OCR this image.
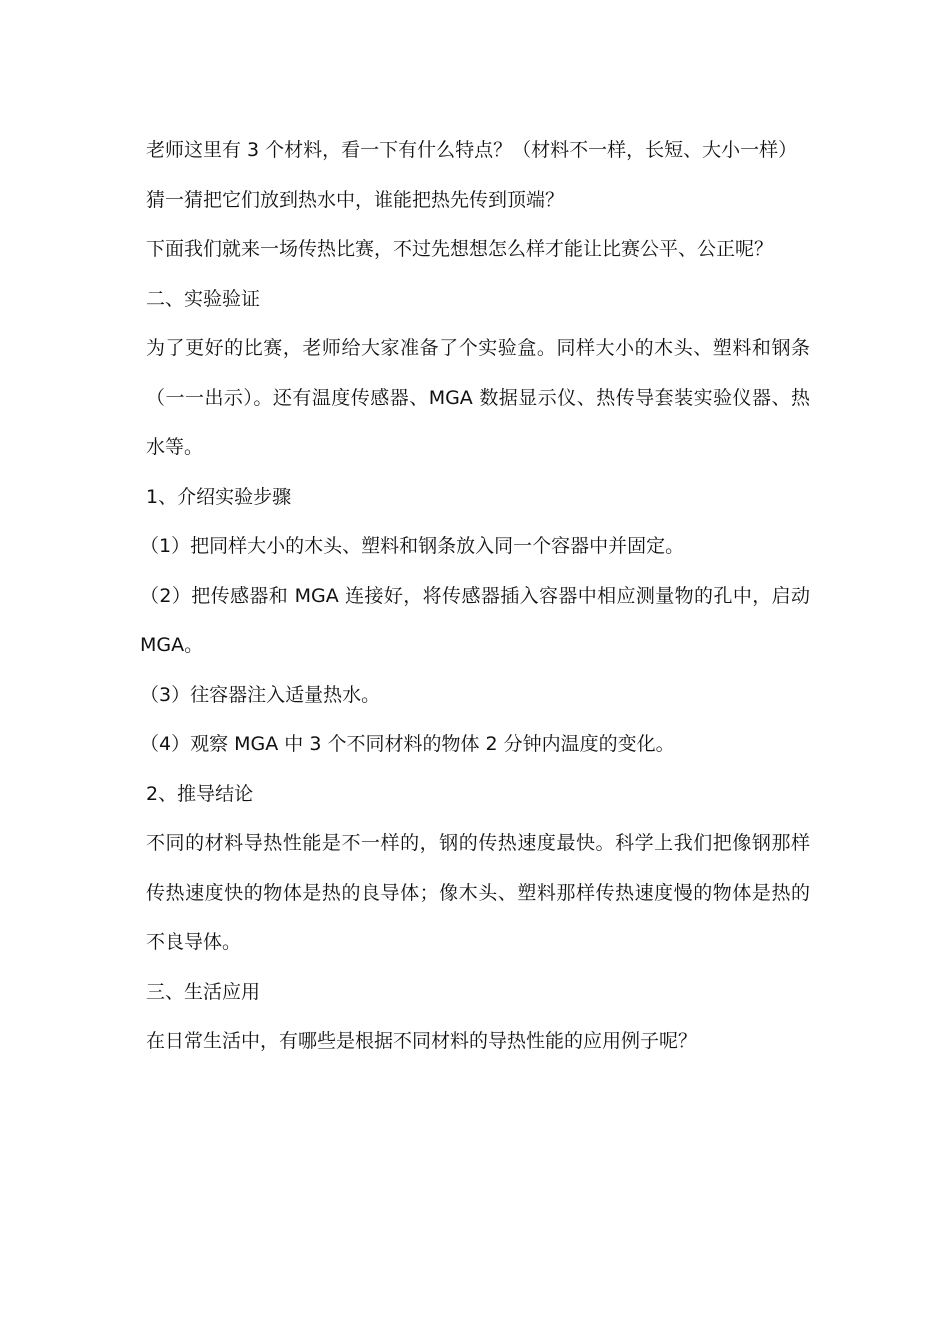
老师这里有 3 个材料，看一下有什么特点？（材料不一样，长短、大小一样）

猜一猜把它们放到热水中，谁能把热先传到顶端？

下面我们就来一场传热比赛，不过先想想怎么样才能让比赛公平、公正呢？

二、实验验证

为了更好的比赛，老师给大家准备了个实验盒。同样大小的木头、塑料和钢条（一一出示）。还有温度传感器、MGA 数据显示仪、热传导套装实验仪器、热水等。

1、介绍实验步骤

（1）把同样大小的木头、塑料和钢条放入同一个容器中并固定。

（2）把传感器和 MGA 连接好，将传感器插入容器中相应测量物的孔中，启动 MGA。

（3）往容器注入适量热水。

（4）观察 MGA 中 3 个不同材料的物体 2 分钟内温度的变化。

2、推导结论

不同的材料导热性能是不一样的，钢的传热速度最快。科学上我们把像钢那样传热速度快的物体是热的良导体；像木头、塑料那样传热速度慢的物体是热的不良导体。

三、生活应用

在日常生活中，有哪些是根据不同材料的导热性能的应用例子呢？
